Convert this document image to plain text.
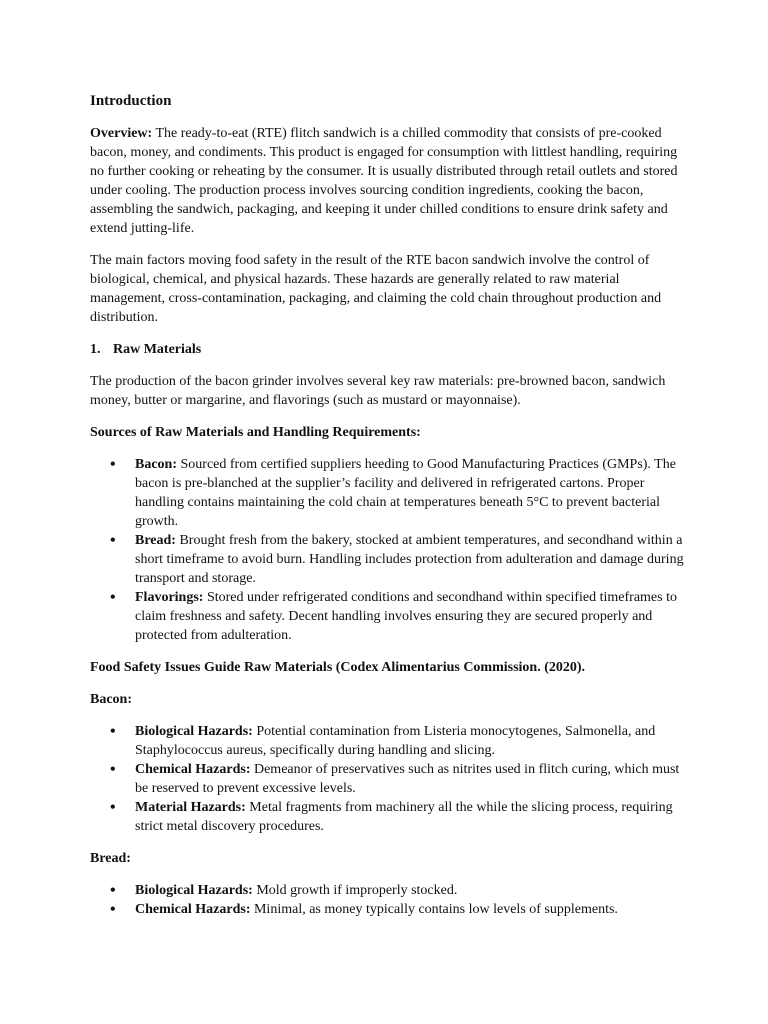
Introduction

Overview: The ready-to-eat (RTE) flitch sandwich is a chilled commodity that consists of pre-cooked bacon, money, and condiments. This product is engaged for consumption with littlest handling, requiring no further cooking or reheating by the consumer. It is usually distributed through retail outlets and stored under cooling. The production process involves sourcing condition ingredients, cooking the bacon, assembling the sandwich, packaging, and keeping it under chilled conditions to ensure drink safety and extend jutting-life.

The main factors moving food safety in the result of the RTE bacon sandwich involve the control of biological, chemical, and physical hazards. These hazards are generally related to raw material management, cross-contamination, packaging, and claiming the cold chain throughout production and distribution.

1. Raw Materials

The production of the bacon grinder involves several key raw materials: pre-browned bacon, sandwich money, butter or margarine, and flavorings (such as mustard or mayonnaise).

Sources of Raw Materials and Handling Requirements:
• Bacon: Sourced from certified suppliers heeding to Good Manufacturing Practices (GMPs). The bacon is pre-blanched at the supplier’s facility and delivered in refrigerated cartons. Proper handling contains maintaining the cold chain at temperatures beneath 5°C to prevent bacterial growth.
• Bread: Brought fresh from the bakery, stocked at ambient temperatures, and secondhand within a short timeframe to avoid burn. Handling includes protection from adulteration and damage during transport and storage.
• Flavorings: Stored under refrigerated conditions and secondhand within specified timeframes to claim freshness and safety. Decent handling involves ensuring they are secured properly and protected from adulteration.
Food Safety Issues Guide Raw Materials (Codex Alimentarius Commission. (2020).
Bacon:
• Biological Hazards: Potential contamination from Listeria monocytogenes, Salmonella, and Staphylococcus aureus, specifically during handling and slicing.
• Chemical Hazards: Demeanor of preservatives such as nitrites used in flitch curing, which must be reserved to prevent excessive levels.
• Material Hazards: Metal fragments from machinery all the while the slicing process, requiring strict metal discovery procedures.
Bread:
• Biological Hazards: Mold growth if improperly stocked.
• Chemical Hazards: Minimal, as money typically contains low levels of supplements.
